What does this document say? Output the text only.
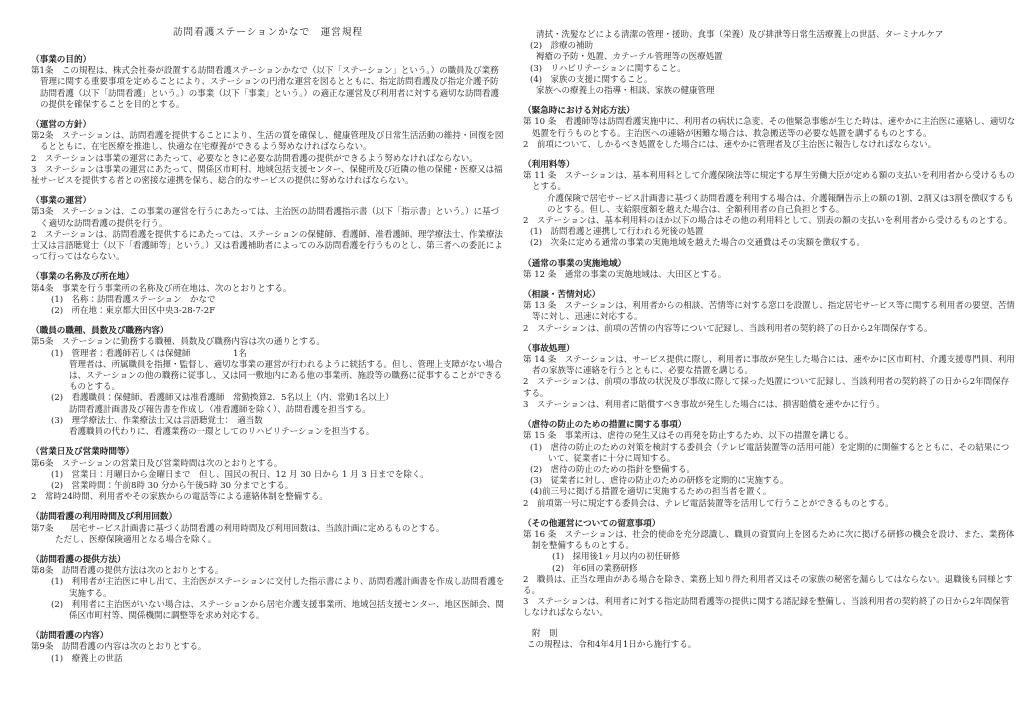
訪問看護ステーションかなで　運営規程
（事業の目的）
第1条　この規程は、株式会社奏が設置する訪問看護ステーションかなで（以下「ステーション」という。）の職員及び業務管理に関する重要事項を定めることにより、ステーションの円滑な運営を図るとともに、指定訪問看護及び指定介護予防訪問看護（以下「訪問看護」という。）の事業（以下「事業」という。）の適正な運営及び利用者に対する適切な訪問看護の提供を確保することを目的とする。
（運営の方針）
第2条　ステーションは、訪問看護を提供することにより、生活の質を確保し、健康管理及び日常生活活動の維持・回復を図るとともに、在宅医療を推進し、快適な在宅療養ができるよう努めなければならない。
2　ステーションは事業の運営にあたって、必要なときに必要な訪問看護の提供ができるよう努めなければならない。
3　ステーションは事業の運営にあたって、関係区市町村、地域包括支援センター、保健所及び近隣の他の保健・医療又は福祉サービスを提供する者との密接な連携を保ち、総合的なサービスの提供に努めなければならない。
（事業の運営）
第3条　ステーションは、この事業の運営を行うにあたっては、主治医の訪問看護指示書（以下「指示書」という。）に基づく適切な訪問看護の提供を行う。
2　ステーションは、訪問看護を提供するにあたっては、ステーションの保健師、看護師、准看護師、理学療法士、作業療法士又は言語聴覚士（以下「看護師等」という。）又は看護補助者によってのみ訪問看護を行うものとし、第三者への委託によって行ってはならない。
（事業の名称及び所在地）
第4条　事業を行う事業所の名称及び所在地は、次のとおりとする。
(1)　名称：訪問看護ステーション　かなで
(2)　所在地：東京都大田区中央3-28-7-2F
（職員の職種、員数及び職務内容）
第5条　ステーションに勤務する職種、員数及び職務内容は次の通りとする。
(1)　管理者：看護師若しくは保健師　　　　　1名
管理者は、所属職員を指揮・監督し、適切な事業の運営が行われるように統括する。但し、管理上支障がない場合は、ステーションの他の職務に従事し、又は同一敷地内にある他の事業所、施設等の職務に従事することができるものとする。
(2)　看護職員：保健師、看護師又は准看護師　常勤換算2．5名以上（内、常勤1名以上）
訪問看護計画書及び報告書を作成し（准看護師を除く）、訪問看護を担当する。
(3)　理学療法士、作業療法士又は言語聴覚士：　適当数
看護職員の代わりに、看護業務の一環としてのリハビリテーションを担当する。
（営業日及び営業時間等）
第6条　ステーションの営業日及び営業時間は次のとおりとする。
(1)　営業日：月曜日から金曜日まで　但し、国民の祝日、12 月 30 日から 1 月 3 日までを除く。
(2)　営業時間：午前8時 30 分から午後5時 30 分までとする。
2　常時24時間、利用者やその家族からの電話等による連絡体制を整備する。
（訪問看護の利用時間及び利用回数）
第7条　　居宅サービス計画書に基づく訪問看護の利用時間及び利用回数は、当該計画に定めるものとする。
ただし、医療保険適用となる場合を除く。
（訪問看護の提供方法）
第8条　訪問看護の提供方法は次のとおりとする。
(1)　利用者が主治医に申し出て、主治医がステーションに交付した指示書により、訪問看護計画書を作成し訪問看護を実施する。
(2)　利用者に主治医がいない場合は、ステーションから居宅介護支援事業所、地域包括支援センター、地区医師会、関係区市町村等、関係機関に調整等を求め対応する。
（訪問看護の内容）
第9条　訪問看護の内容は次のとおりとする。
(1)　療養上の世話
清拭・洗髪などによる清潔の管理・援助、食事（栄養）及び排泄等日常生活療養上の世話、ターミナルケア
(2)　診療の補助
褥瘡の予防・処置、カテーテル管理等の医療処置
(3)　リハビリテーションに関すること。
(4)　家族の支援に関すること。
家族への療養上の指導・相談、家族の健康管理
（緊急時における対応方法）
第 10 条　看護師等は訪問看護実施中に、利用者の病状に急変、その他緊急事態が生じた時は、速やかに主治医に連絡し、適切な処置を行うものとする。主治医への連絡が困難な場合は、救急搬送等の必要な処置を講ずるものとする。
2　前項について、しかるべき処置をした場合には、速やかに管理者及び主治医に報告しなければならない。
（利用料等）
第 11 条　ステーションは、基本利用料として介護保険法等に規定する厚生労働大臣が定める額の支払いを利用者から受けるものとする。
介護保険で居宅サービス計画書に基づく訪問看護を利用する場合は、介護報酬告示上の額の1割、2割又は3割を徴収するものとする。但し、支給限度額を越えた場合は、全額利用者の自己負担とする。
2　ステーションは、基本利用料のほか以下の場合はその他の利用料として、別表の額の支払いを利用者から受けるものとする。
(1)　訪問看護と連携して行われる死後の処置
(2)　次条に定める通常の事業の実施地域を越えた場合の交通費はその実額を徴収する。
（通常の事業の実施地域）
第 12 条　通常の事業の実施地域は、大田区とする。
（相談・苦情対応）
第 13 条　ステーションは、利用者からの相談、苦情等に対する窓口を設置し、指定居宅サービス等に関する利用者の要望、苦情等に対し、迅速に対応する。
2　ステーションは、前項の苦情の内容等について記録し、当該利用者の契約終了の日から2年間保存する。
（事故処理）
第 14 条　ステーションは、サービス提供に際し、利用者に事故が発生した場合には、速やかに区市町村、介護支援専門員、利用者の家族等に連絡を行うとともに、必要な措置を講じる。
2　ステーションは、前項の事故の状況及び事故に際して採った処置について記録し、当該利用者の契約終了の日から2年間保存する。
3　ステーションは、利用者に賠償すべき事故が発生した場合には、損害賠償を速やかに行う。
（虐待の防止のための措置に関する事項）
第 15 条　事業所は、虐待の発生又はその再発を防止するため、以下の措置を講じる。
(1)　虐待の防止のための対策を検討する委員会（テレビ電話装置等の活用可能）を定期的に開催するとともに、その結果について、従業者に十分に周知する。
(2)　虐待の防止のための指針を整備する。
(3)　従業者に対し、虐待の防止のための研修を定期的に実施する。
(4)前三号に掲げる措置を適切に実施するための担当者を置く。
2　前項第一号に規定する委員会は、テレビ電話装置等を活用して行うことができるものとする。
（その他運営についての留意事項）
第 16 条　ステーションは、社会的使命を充分認識し、職員の資質向上を図るために次に掲げる研修の機会を設け、また、業務体制を整備するものとする。
(1)　採用後1ヶ月以内の初任研修
(2)　年6回の業務研修
2　職員は、正当な理由がある場合を除き、業務上知り得た利用者又はその家族の秘密を漏らしてはならない。退職後も同様とする。
3　ステーションは、利用者に対する指定訪問看護等の提供に関する諸記録を整備し、当該利用者の契約終了の日から2年間保管しなければならない。
附　則
この規程は、令和4年4月1日から施行する。
